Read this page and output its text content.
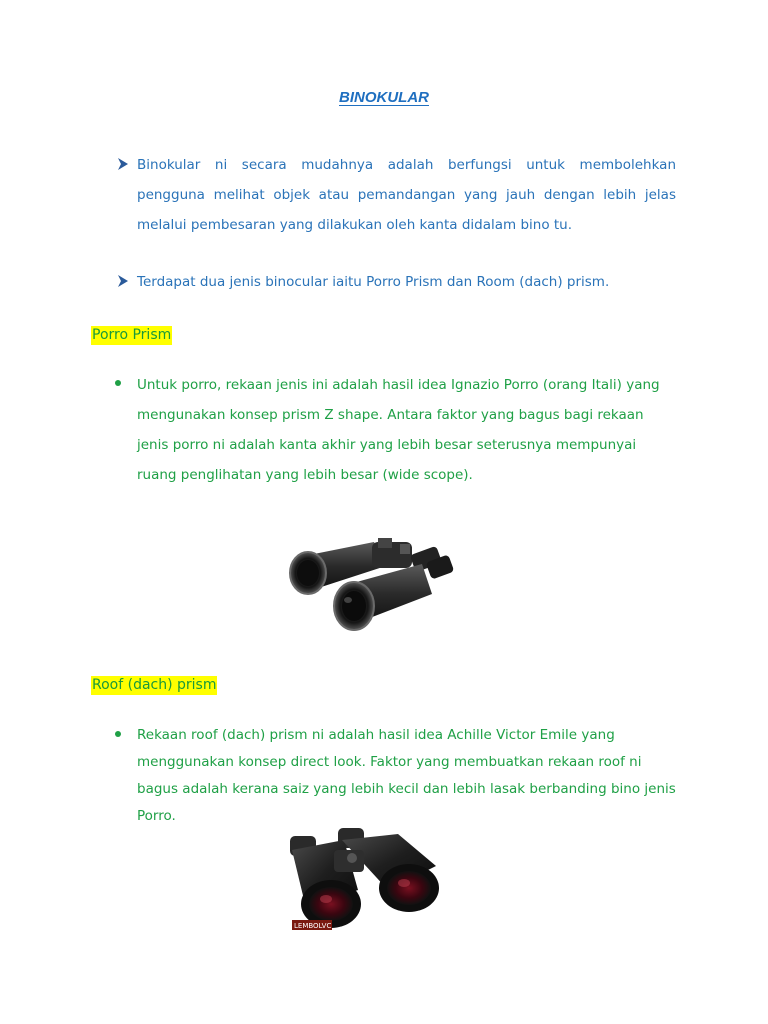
BINOKULAR
Binokular ni secara mudahnya adalah berfungsi untuk membolehkan pengguna melihat objek atau pemandangan yang jauh dengan lebih jelas melalui pembesaran yang dilakukan oleh kanta didalam bino tu.
Terdapat dua jenis binocular iaitu Porro Prism dan Room (dach) prism.
Porro Prism
Untuk porro, rekaan jenis ini adalah hasil idea Ignazio Porro (orang Itali) yang mengunakan konsep prism Z shape. Antara faktor yang bagus bagi rekaan jenis porro ni adalah kanta akhir yang lebih besar seterusnya mempunyai ruang penglihatan yang lebih besar (wide scope).
Roof (dach) prism
Rekaan roof (dach) prism ni adalah hasil idea Achille Victor Emile yang menggunakan konsep direct look. Faktor yang membuatkan rekaan roof ni bagus adalah kerana saiz yang lebih kecil dan lebih lasak berbanding bino jenis Porro.
LEMBOLVC
